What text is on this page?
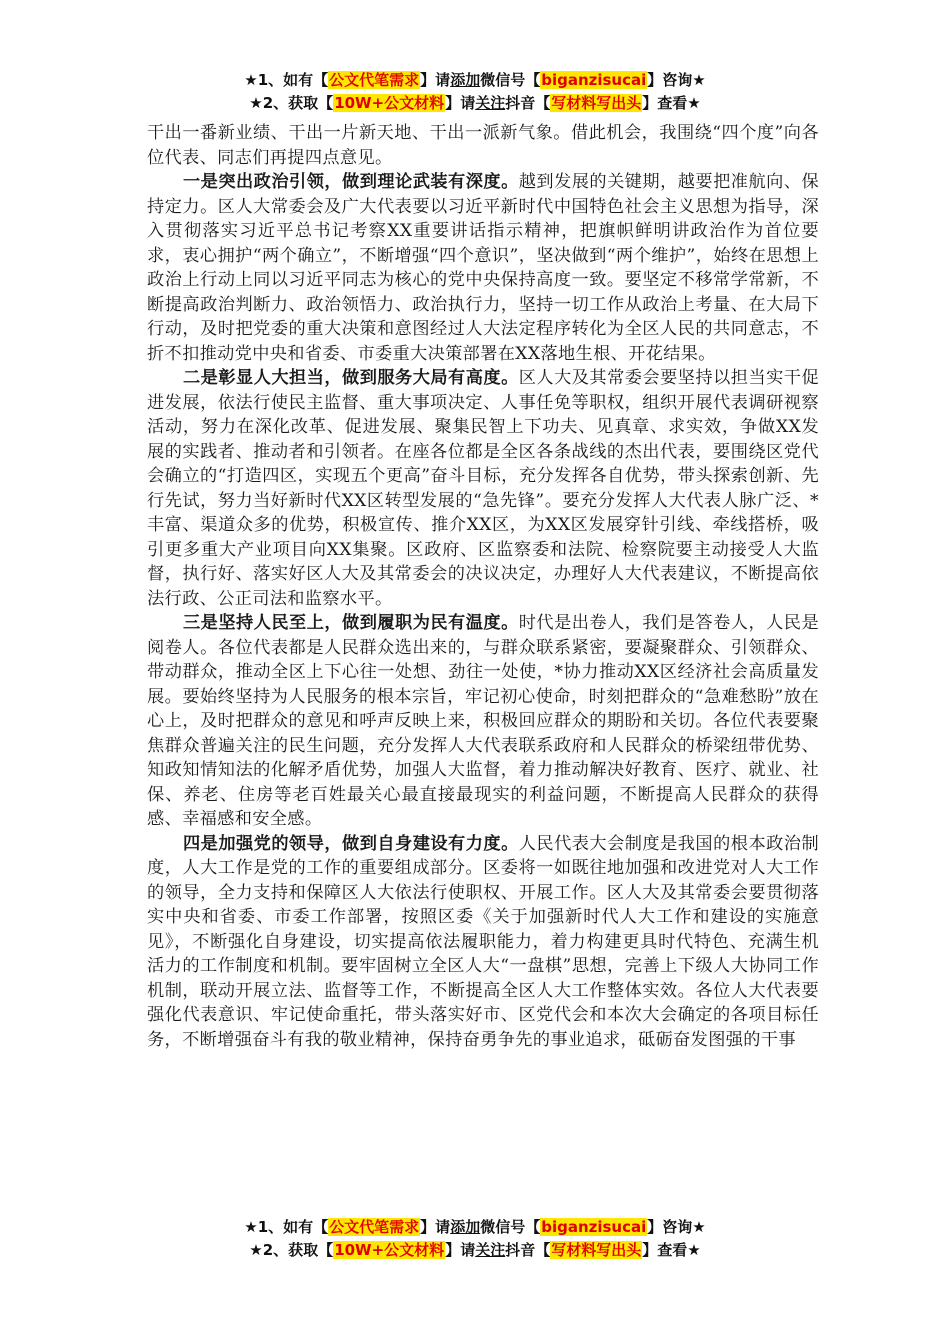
★1、如有【公文代笔需求】请添加微信号【biganzisucai】咨询★
★2、获取【10W+公文材料】请关注抖音【写材料写出头】查看★

干出一番新业绩、干出一片新天地、干出一派新气象。借此机会，我围绕“四个度”向各位代表、同志们再提四点意见。

一是突出政治引领，做到理论武装有深度。越到发展的关键期，越要把准航向、保持定力。区人大常委会及广大代表要以习近平新时代中国特色社会主义思想为指导，深入贯彻落实习近平总书记考察XX重要讲话指示精神，把旗帜鲜明讲政治作为首位要求，衷心拥护“两个确立”，不断增强“四个意识”，坚决做到“两个维护”，始终在思想上政治上行动上同以习近平同志为核心的党中央保持高度一致。要坚定不移常学常新，不断提高政治判断力、政治领悟力、政治执行力，坚持一切工作从政治上考量、在大局下行动，及时把党委的重大决策和意图经过人大法定程序转化为全区人民的共同意志，不折不扣推动党中央和省委、市委重大决策部署在XX落地生根、开花结果。

二是彰显人大担当，做到服务大局有高度。区人大及其常委会要坚持以担当实干促进发展，依法行使民主监督、重大事项决定、人事任免等职权，组织开展代表调研视察活动，努力在深化改革、促进发展、聚集民智上下功夫、见真章、求实效，争做XX发展的实践者、推动者和引领者。在座各位都是全区各条战线的杰出代表，要围绕区党代会确立的“打造四区，实现五个更高”奋斗目标，充分发挥各自优势，带头探索创新、先行先试，努力当好新时代XX区转型发展的“急先锋”。要充分发挥人大代表人脉广泛、*丰富、渠道众多的优势，积极宣传、推介XX区，为XX区发展穿针引线、牵线搭桥，吸引更多重大产业项目向XX集聚。区政府、区监察委和法院、检察院要主动接受人大监督，执行好、落实好区人大及其常委会的决议决定，办理好人大代表建议，不断提高依法行政、公正司法和监察水平。

三是坚持人民至上，做到履职为民有温度。时代是出卷人，我们是答卷人，人民是阅卷人。各位代表都是人民群众选出来的，与群众联系紧密，要凝聚群众、引领群众、带动群众，推动全区上下心往一处想、劲往一处使，*协力推动XX区经济社会高质量发展。要始终坚持为人民服务的根本宗旨，牢记初心使命，时刻把群众的“急难愁盼”放在心上，及时把群众的意见和呼声反映上来，积极回应群众的期盼和关切。各位代表要聚焦群众普遍关注的民生问题，充分发挥人大代表联系政府和人民群众的桥梁纽带优势、知政知情知法的化解矛盾优势，加强人大监督，着力推动解决好教育、医疗、就业、社保、养老、住房等老百姓最关心最直接最现实的利益问题，不断提高人民群众的获得感、幸福感和安全感。

四是加强党的领导，做到自身建设有力度。人民代表大会制度是我国的根本政治制度，人大工作是党的工作的重要组成部分。区委将一如既往地加强和改进党对人大工作的领导，全力支持和保障区人大依法行使职权、开展工作。区人大及其常委会要贯彻落实中央和省委、市委工作部署，按照区委《关于加强新时代人大工作和建设的实施意见》，不断强化自身建设，切实提高依法履职能力，着力构建更具时代特色、充满生机活力的工作制度和机制。要牢固树立全区人大“一盘棋”思想，完善上下级人大协同工作机制，联动开展立法、监督等工作，不断提高全区人大工作整体实效。各位人大代表要强化代表意识、牢记使命重托，带头落实好市、区党代会和本次大会确定的各项目标任务，不断增强奋斗有我的敬业精神，保持奋勇争先的事业追求，砥砺奋发图强的干事

★1、如有【公文代笔需求】请添加微信号【biganzisucai】咨询★
★2、获取【10W+公文材料】请关注抖音【写材料写出头】查看★
